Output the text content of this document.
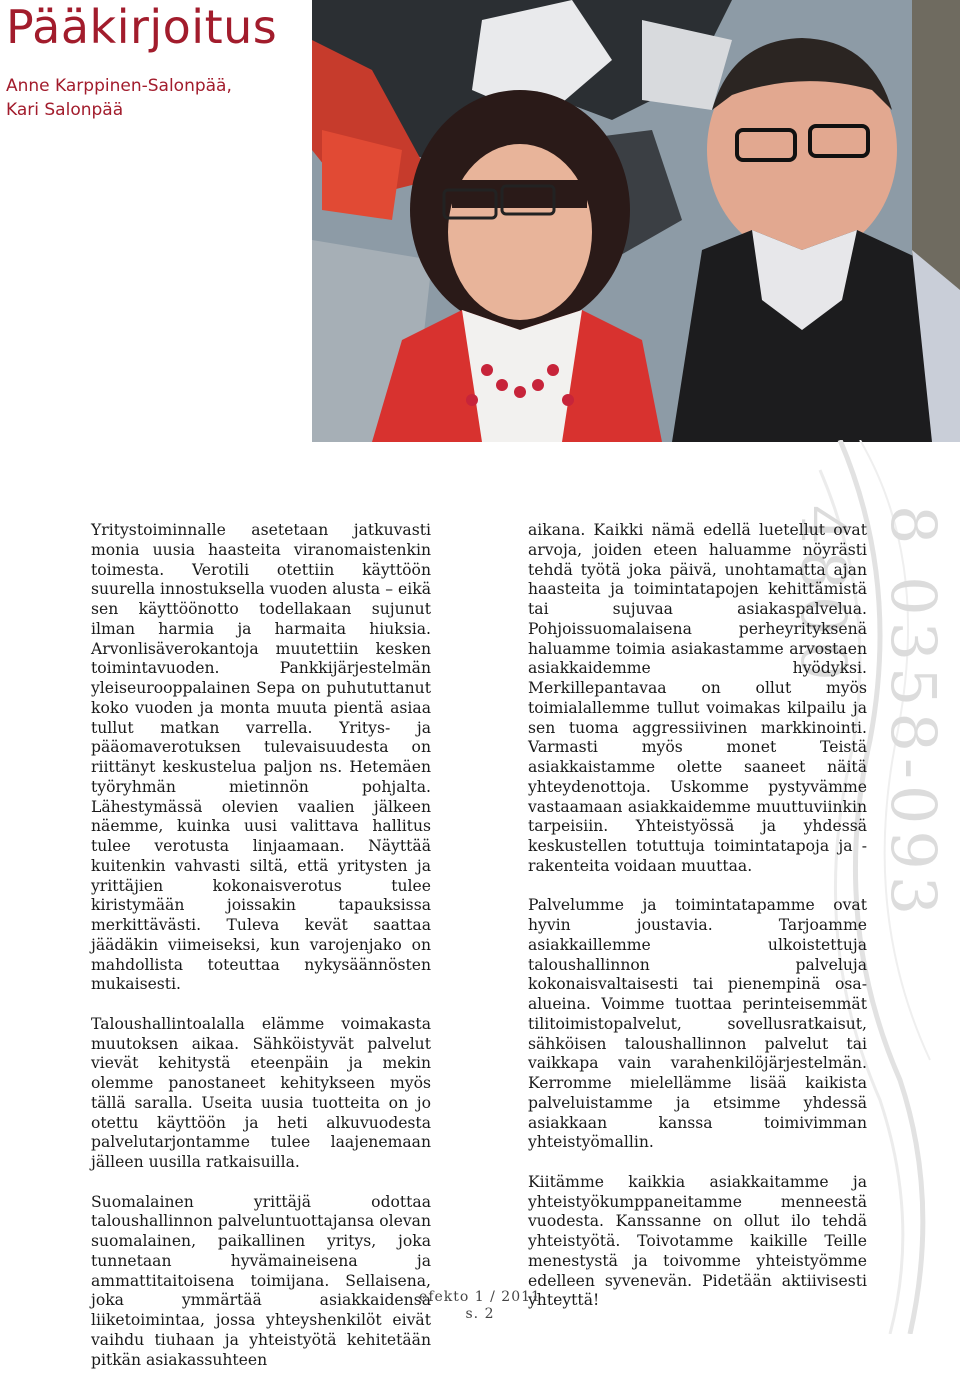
Pääkirjoitus
Anne Karppinen-Salonpää,
Kari Salonpää
8 0358-093 4800

Yritystoiminnalle asetetaan jatkuvasti monia uusia haasteita viranomaistenkin toimesta. Verotili otettiin käyttöön suurella innostuksella vuoden alusta – eikä sen käyttöönotto todellakaan sujunut ilman harmia ja harmaita hiuksia. Arvonlisäverokantoja muutettiin kesken toimintavuoden. Pankkijärjestelmän yleiseurooppalainen Sepa on puhututtanut koko vuoden ja monta muuta pientä asiaa tullut matkan varrella. Yritys- ja pääomaverotuksen tulevaisuudesta on riittänyt keskustelua paljon ns. Hetemäen työryhmän mietinnön pohjalta. Lähestymässä olevien vaalien jälkeen näemme, kuinka uusi valittava hallitus tulee verotusta linjaamaan. Näyttää kuitenkin vahvasti siltä, että yritysten ja yrittäjien kokonaisverotus tulee kiristymään joissakin tapauksissa merkittävästi. Tuleva kevät saattaa jäädäkin viimeiseksi, kun varojenjako on mahdollista toteuttaa nykysäännösten mukaisesti.

Taloushallintoalalla elämme voimakasta muutoksen aikaa. Sähköistyvät palvelut vievät kehitystä eteenpäin ja mekin olemme panostaneet kehitykseen myös tällä saralla. Useita uusia tuotteita on jo otettu käyttöön ja heti alkuvuodesta palvelutarjontamme tulee laajenemaan jälleen uusilla ratkaisuilla.

Suomalainen yrittäjä odottaa taloushallinnon palveluntuottajansa olevan suomalainen, paikallinen yritys, joka tunnetaan hyvämaineisena ja ammattitaitoisena toimijana. Sellaisena, joka ymmärtää asiakkaidensa liiketoimintaa, jossa yhteyshenkilöt eivät vaihdu tiuhaan ja yhteistyötä kehitetään pitkän asiakassuhteen

aikana. Kaikki nämä edellä luetellut ovat arvoja, joiden eteen haluamme nöyrästi tehdä työtä joka päivä, unohtamatta ajan haasteita ja toimintatapojen kehittämistä tai sujuvaa asiakaspalvelua. Pohjoissuomalaisena perheyrityksenä haluamme toimia asiakastamme arvostaen asiakkaidemme hyödyksi. Merkillepantavaa on ollut myös toimialallemme tullut voimakas kilpailu ja sen tuoma aggressiivinen markkinointi. Varmasti myös monet Teistä asiakkaistamme olette saaneet näitä yhteydenottoja. Uskomme pystyvämme vastaamaan asiakkaidemme muuttuviinkin tarpeisiin. Yhteistyössä ja yhdessä keskustellen totuttuja toimintatapoja ja -rakenteita voidaan muuttaa.

Palvelumme ja toimintatapamme ovat hyvin joustavia. Tarjoamme asiakkaillemme ulkoistettuja taloushallinnon palveluja kokonaisvaltaisesti tai pienempinä osa-alueina. Voimme tuottaa perinteisemmät tilitoimistopalvelut, sovellusratkaisut, sähköisen taloushallinnon palvelut tai vaikkapa vain varahenkilöjärjestelmän. Kerromme mielellämme lisää kaikista palveluistamme ja etsimme yhdessä asiakkaan kanssa toimivimman yhteistyömallin.

Kiitämme kaikkia asiakkaitamme ja yhteistyökumppaneitamme menneestä vuodesta. Kanssanne on ollut ilo tehdä yhteistyötä. Toivotamme kaikille Teille menestystä ja toivomme yhteistyömme edelleen syvenevän. Pidetään aktiivisesti yhteyttä!

efekto 1 / 2011
s. 2
